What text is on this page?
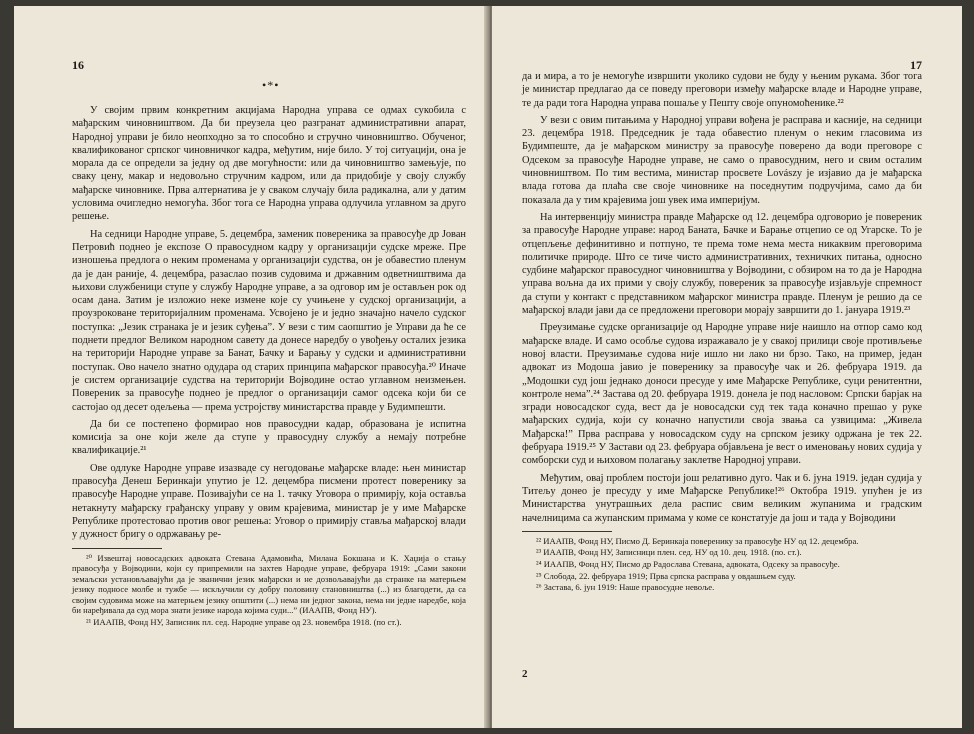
16
•*•

У својим првим конкретним акцијама Народна управа се одмах сукобила с мађарским чиновништвом. Да би преузела цео разгранат административни апарат, Народној управи је било неопходно за то способно и стручно чиновништво. Обученог, квалификованог српског чиновничког кадра, међутим, није било. У тој ситуацији, она је морала да се определи за једну од две могућности: или да чиновништво замењује, по сваку цену, макар и недовољно стручним кадром, или да придобије у своју службу мађарске чиновнике. Прва алтернатива је у сваком случају била радикална, али у датим условима очигледно немогућа. Због тога се Народна управа одлучила углавном за друго решење.

На седници Народне управе, 5. децембра, заменик повереника за правосуђе др Јован Петровић поднео је експозе О правосудном кадру у организацији судске мреже. Пре изношења предлога о неким променама у организацији судства, он је обавестио пленум да је дан раније, 4. децембра, разаслао позив судовима и државним одветништвима да њихови службеници ступе у службу Народне управе, а за одговор им је остављен рок од осам дана. Затим је изложио неке измене које су учињене у судској организацији, а проузроковане територијалним променама. Усвојено је и једно значајно начело судског поступка: „Језик странака је и језик суђења”. У вези с тим саопштио је Управи да ће се поднети предлог Великом народном савету да донесе наредбу о увођењу осталих језика на територији Народне управе за Банат, Бачку и Барању у судски и административни поступак. Ово начело знатно одудара од старих принципа мађарског правосуђа.²⁰ Иначе је систем организације судства на територији Војводине остао углавном неизмењен. Повереник за правосуђе поднео је предлог о организацији самог одсека који би се састојао од десет одељења — према устројству министарства правде у Будимпешти.

Да би се постепено формирао нов правосудни кадар, образована је испитна комисија за оне који желе да ступе у правосудну службу а немају потребне квалификације.²¹

Ове одлуке Народне управе изазваде су негодовање мађарске владе: њен министар правосуђа Денеш Беринкаји упутио је 12. децембра писмени протест поверенику за правосуђе Народне управе. Позивајући се на 1. тачку Уговора о примирју, која оставља нетакнуту мађарску грађанску управу у овим крајевима, министар је у име Мађарске Републике протестовао против овог решења: Уговор о примирју ставља мађарској влади у дужност бригу о одржавању ре-

²⁰ Извештај новосадских адвоката Стевана Адамовића, Милана Бокшана и К. Хаџија о стању правосуђа у Војводини, који су припремили на захтев Народне управе, фебруара 1919: „Сами закони земаљски установљавајући да је званични језик мађарски и не дозвољавајући да странке на матерњем језику подносе молбе и тужбе — искључили су добру половину становништва (...) из благодети, да са својим судовима може на матерњем језику општити (...) нема ни једног закона, нема ни једне наредбе, која би наређивала да суд мора знати језике народа којима суди...” (ИААПВ, Фонд НУ).

²¹ ИААПВ, Фонд НУ, Записник пл. сед. Народне управе од 23. новембра 1918. (по ст.).

17

да и мира, а то је немогуће извршити уколико судови не буду у њеним рукама. Због тога је министар предлагао да се поведу преговори између мађарске владе и Народне управе, те да ради тога Народна управа пошаље у Пешту своје опуномоћенике.²²

У вези с овим питањима у Народној управи вођена је расправа и касније, на седници 23. децембра 1918. Председник је тада обавестио пленум о неким гласовима из Будимпеште, да је мађарском министру за правосуђе поверено да води преговоре с Одсеком за правосуђе Народне управе, не само о правосудним, него и свим осталим чиновништвом. По тим вестима, министар просвете Lovászy је изјавио да је мађарска влада готова да плаћа све своје чиновнике на поседнутим подручјима, само да би показала да у тим крајевима још увек има империјум.

На интервенцију министра правде Мађарске од 12. децембра одговорио је повереник за правосуђе Народне управе: народ Баната, Бачке и Барање отцепио се од Угарске. То је отцепљење дефинитивно и потпуно, те према томе нема места никаквим преговорима политичке природе. Што се тиче чисто административних, техничких питања, односно судбине мађарског правосудног чиновништва у Војводини, с обзиром на то да је Народна управа вољна да их прими у своју службу, повереник за правосуђе изјављује спремност да ступи у контакт с представником мађарског министра правде. Пленум је решио да се мађарској влади јави да се предложени преговори морају завршити до 1. јануара 1919.²³

Преузимање судске организације од Народне управе није наишло на отпор само код мађарске владе. И само особље судова изражавало је у свакој прилици своје противљење новој власти. Преузимање судова није ишло ни лако ни брзо. Тако, на пример, један адвокат из Модоша јавио је поверенику за правосуђе чак и 26. фебруара 1919. да „Модошки суд још једнако доноси пресуде у име Мађарске Републике, суци ренитентни, контроле нема”.²⁴ Застава од 20. фебруара 1919. донела је под насловом: Српски барјак на згради новосадског суда, вест да је новосадски суд тек тада коначно прешао у руке мађарских судија, који су коначно напустили своја звања са узвицима: „Живела Мађарска!” Прва расправа у новосадском суду на српском језику одржана је тек 22. фебруара 1919.²⁵ У Застави од 23. фебруара објављена је вест о именовању нових судија у сомборски суд и њиховом полагању заклетве Народној управи.

Међутим, овај проблем постоји још релативно дуго. Чак и 6. јуна 1919. један судија у Титељу донео је пресуду у име Мађарске Републике!²⁶ Октобра 1919. упућен је из Министарства унутрашњих дела распис свим великим жупанима и градским начелницима са жупанским примама у коме се констатује да још и тада у Војводини

²² ИААПВ, Фонд НУ, Писмо Д. Беринкаја поверенику за правосуђе НУ од 12. децембра.

²³ ИААПВ, Фонд НУ, Записници плен. сед. НУ од 10. дец. 1918. (по. ст.).

²⁴ ИААПВ, Фонд НУ, Писмо др Радослава Стевана, адвоката, Одсеку за правосуђе.

²⁵ Слобода, 22. фебруара 1919; Прва српска расправа у овдашњем суду.

²⁶ Застава, 6. јун 1919: Наше правосудне невоље.

2
